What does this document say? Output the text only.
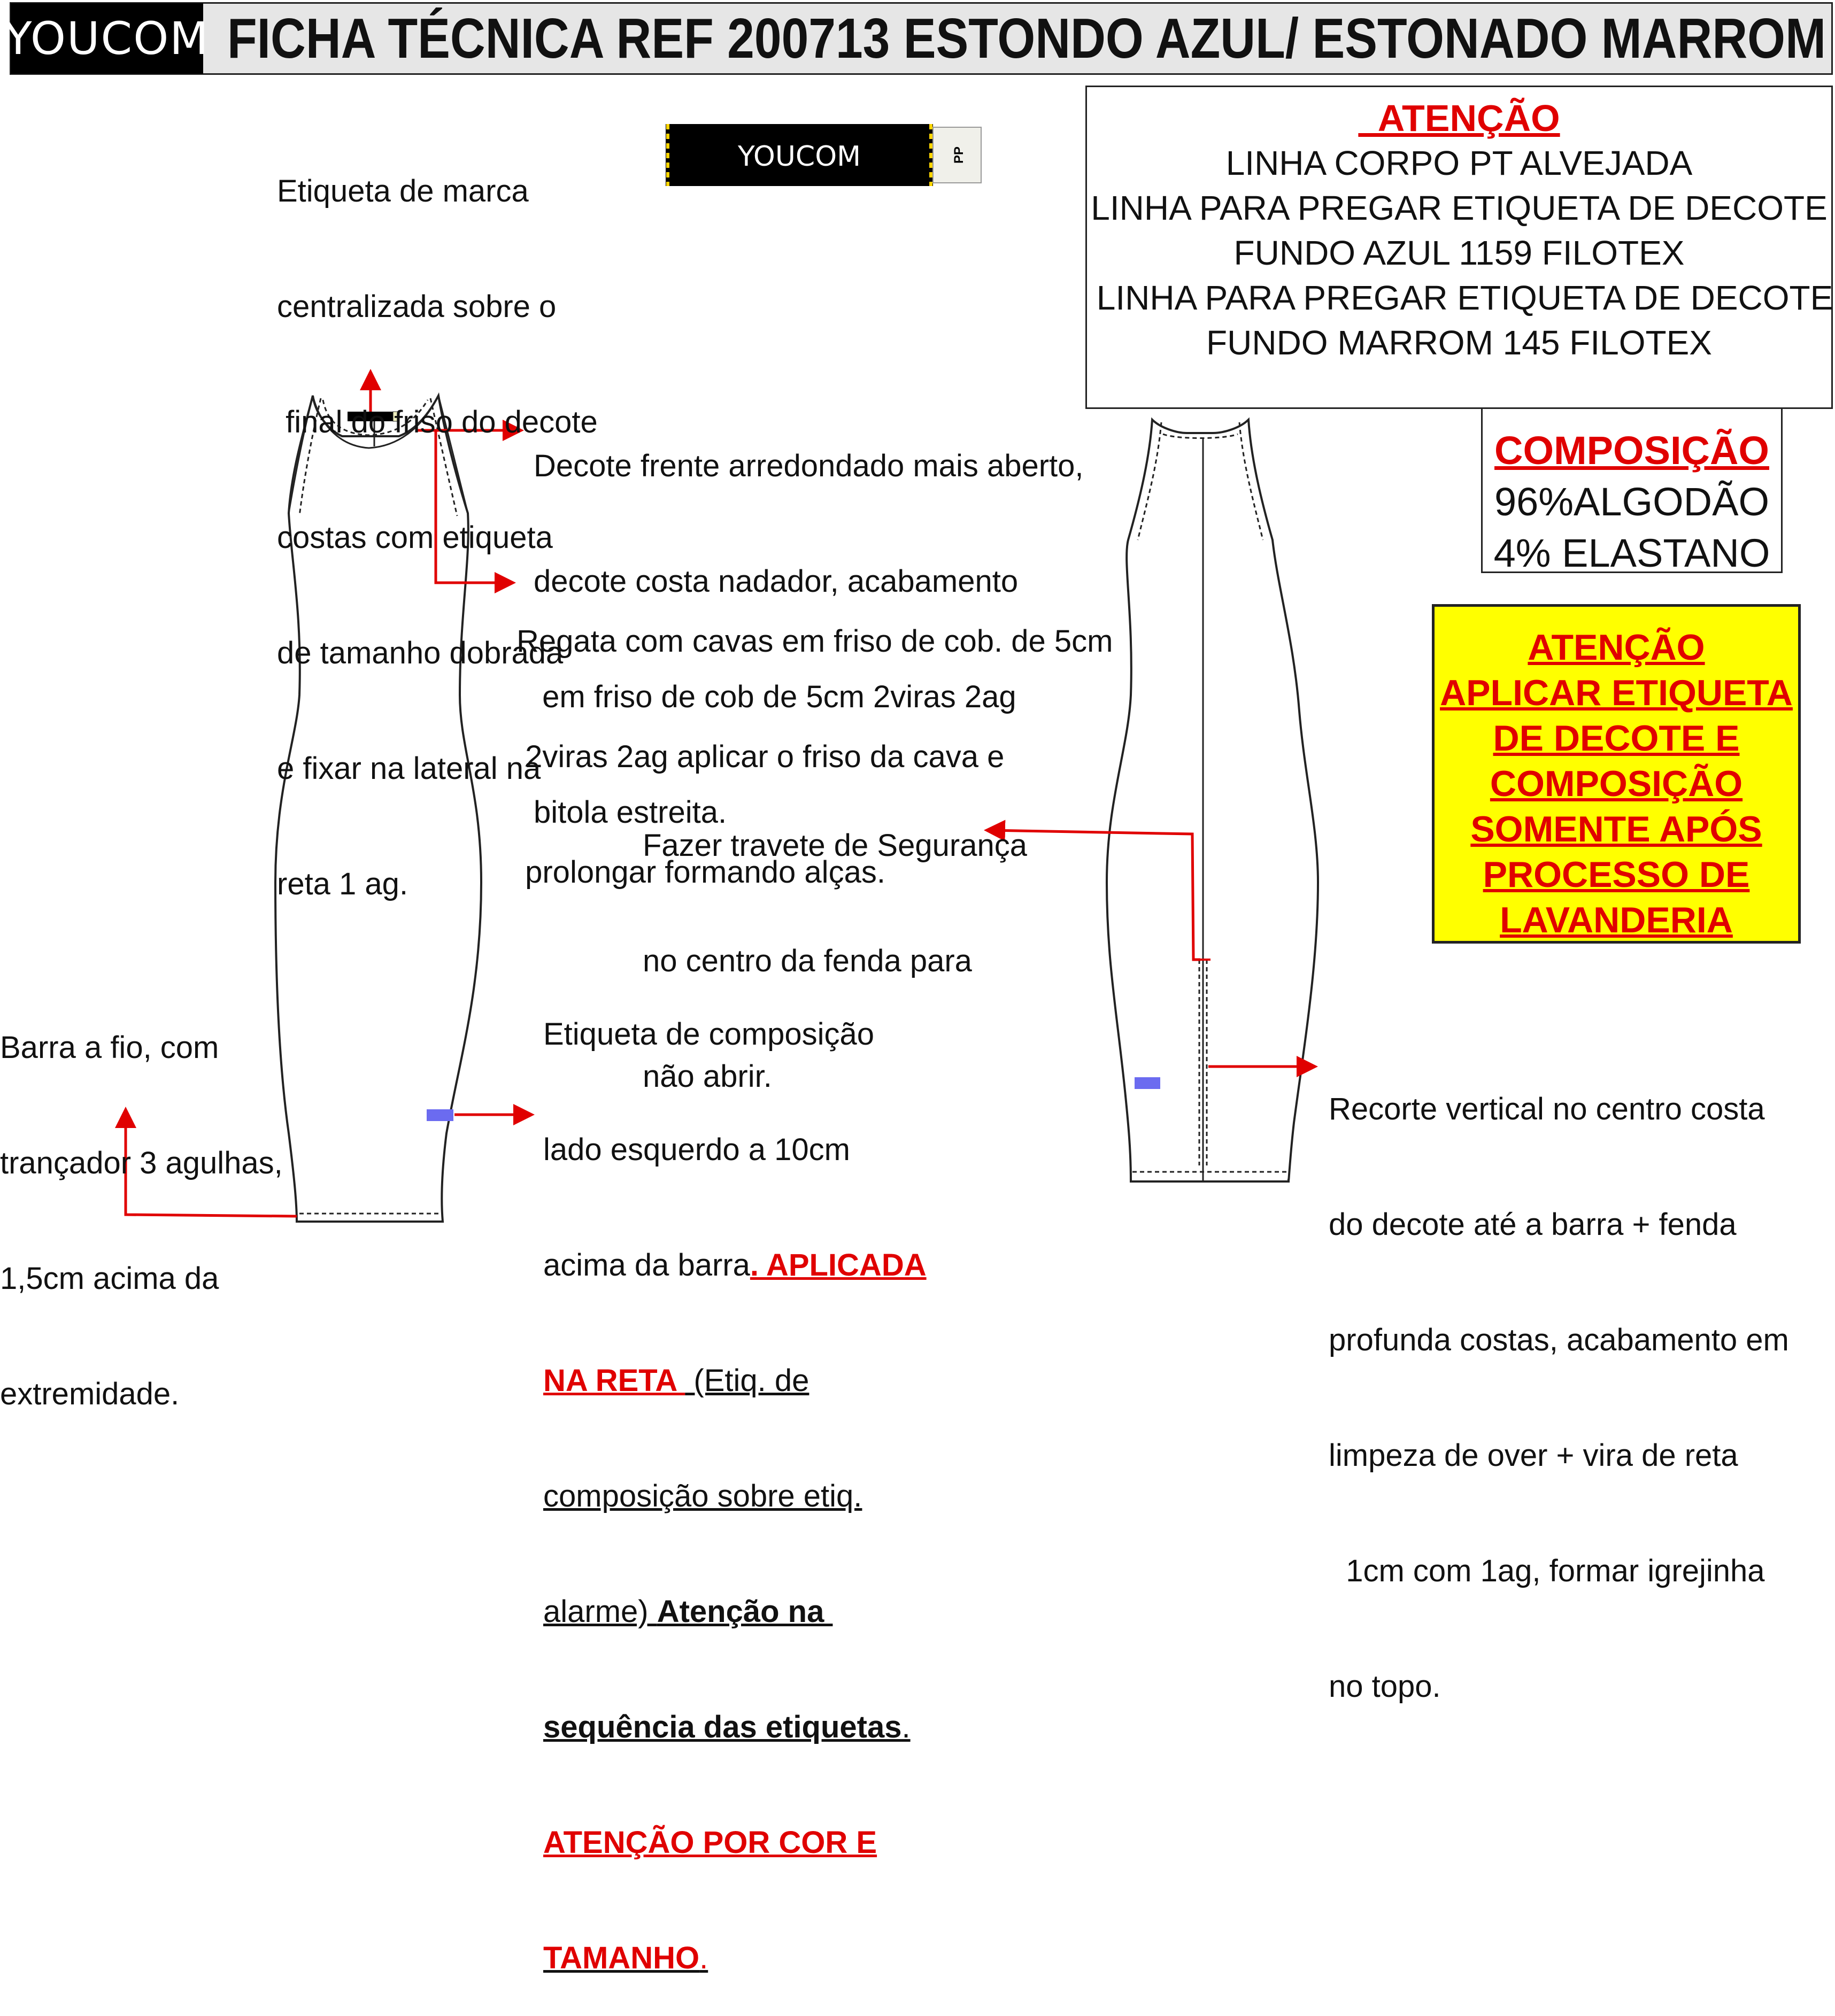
YOUCOM FICHA TÉCNICA REF 200713 ESTONDO AZUL/ ESTONADO MARROM
YOUCOM	PP

Etiqueta de marca

centralizada sobre o

final do friso do decote

costas com etiqueta

de tamanho dobrada

e fixar na lateral na

reta 1 ag.

Decote frente arredondado mais aberto,

decote costa nadador, acabamento

em friso de cob de 5cm 2viras 2ag

bitola estreita.

Regata com cavas em friso de cob. de 5cm

2viras 2ag aplicar o friso da cava e

prolongar formando alças.

Fazer travete de Segurança

no centro da fenda para

não abrir.

Barra a fio, com

trançador 3 agulhas,

1,5cm acima da

extremidade.

Etiqueta de composição

lado esquerdo a 10cm

acima da barra. APLICADA

NA RETA  (Etiq. de

composição sobre etiq.

alarme) Atenção na

sequência das etiquetas.

ATENÇÃO POR COR E

TAMANHO.

Recorte vertical no centro costa

do decote até a barra + fenda

profunda costas, acabamento em

limpeza de over + vira de reta

1cm com 1ag, formar igrejinha

no topo.

ATENÇÃO
LINHA CORPO PT ALVEJADA
LINHA PARA PREGAR ETIQUETA DE DECOTE
FUNDO AZUL 1159 FILOTEX
LINHA PARA PREGAR ETIQUETA DE DECOTE
FUNDO MARROM 145 FILOTEX
COMPOSIÇÃO
96%ALGODÃO
4% ELASTANO
ATENÇÃO
APLICAR ETIQUETA
DE DECOTE E
COMPOSIÇÃO
SOMENTE APÓS
PROCESSO DE
LAVANDERIA
